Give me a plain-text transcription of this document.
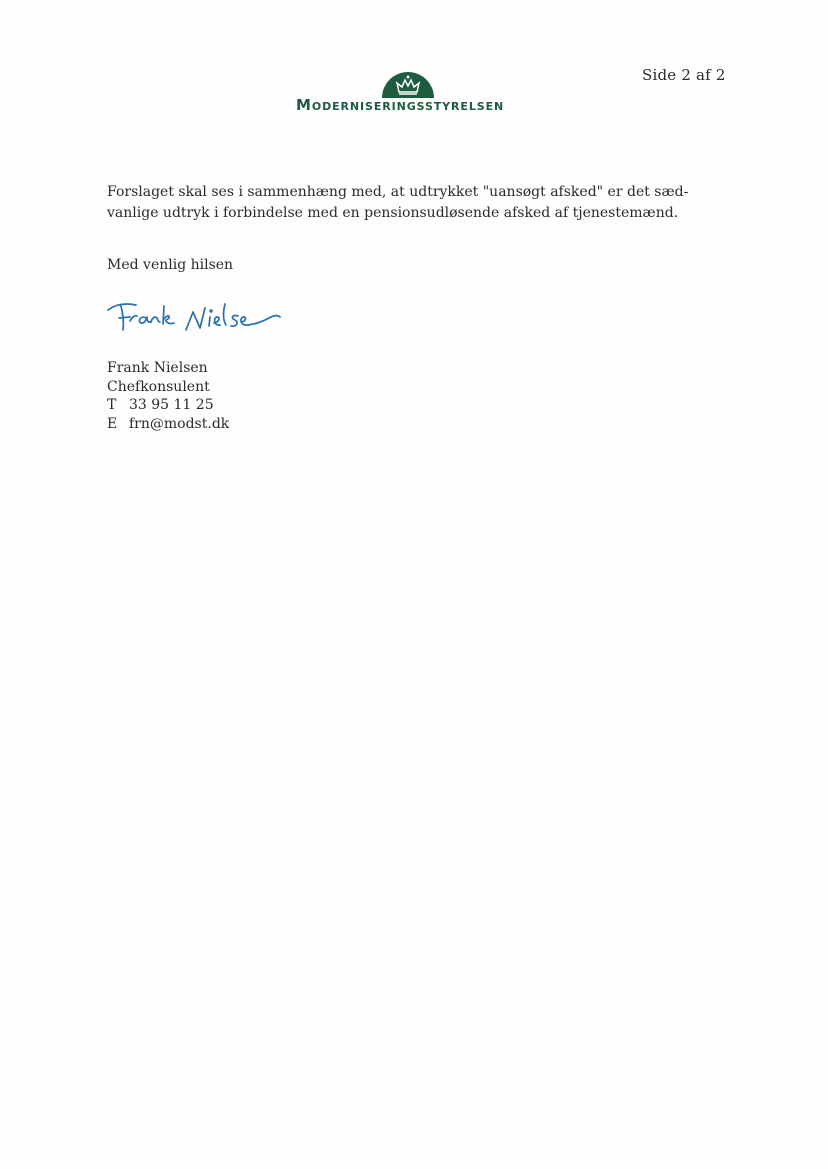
Side 2 af 2
MODERNISERINGSSTYRELSEN
Forslaget skal ses i sammenhæng med, at udtrykket "uansøgt afsked" er det sæd-
vanlige udtryk i forbindelse med en pensionsudløsende afsked af tjenestemænd.
Med venlig hilsen
Frank Nielsen
Chefkonsulent
T 33 95 11 25
E frn@modst.dk
